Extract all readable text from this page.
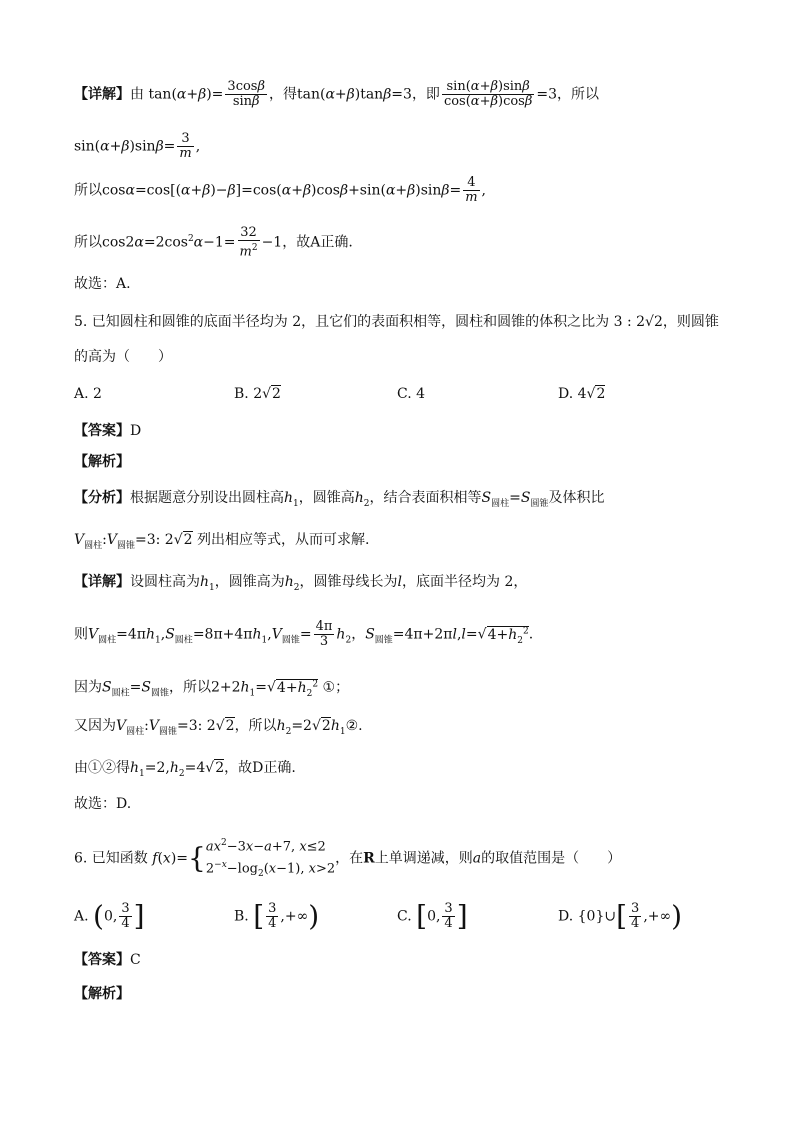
【详解】由 $\tan(\alpha+\beta)= \frac{3\cos\beta}{\sin\beta}$ ，得tan(α+β)tanβ=3，即 $\frac{\sin(\alpha+\beta)\sin\beta}{\cos(\alpha+\beta)\cos\beta} =3$，所以
$\sin(\alpha+\beta)\sin\beta= \frac{3}{m}$ ,
所以$\cos\alpha=\cos[(\alpha+\beta)-\beta]=\cos(\alpha+\beta)\cos\beta+\sin(\alpha+\beta)\sin\beta= \frac{4}{m}$ ,
所以$\cos 2\alpha=2\cos^2\alpha-1= \frac{32}{m^2} -1$，故A正确.
故选：A.
5. 已知圆柱和圆锥的底面半径均为 2，且它们的表面积相等，圆柱和圆锥的体积之比为 3 : 2√2，则圆锥
的高为（　　）
A. 2	B. 2√2	C. 4	D. 4√2
【答案】D
【解析】
【分析】根据题意分别设出圆柱高$h_1$，圆锥高$h_2$，结合表面积相等$S_{圆柱}=S_{圆锥}$及体积比
$V_{圆柱}:V_{圆锥}=3$: 2√2 列出相应等式，从而可求解.
【详解】设圆柱高为$h_1$，圆锥高为$h_2$，圆锥母线长为l，底面半径均为 2，
则$V_{圆柱}=4\pi h_1,S_{圆柱}=8\pi+4\pi h_1,V_{圆锥}= \frac{4\pi}{3} h_2$，$S_{圆锥}=4\pi+2\pi l,l=√4+h_2^2$.
因为$S_{圆柱}=S_{圆锥}$，所以$2+2h_1=√4+h_2^2$ ①；
又因为$V_{圆柱}:V_{圆锥}=3$: 2√2，所以$h_2=2√2h_1②$.
由①②得$h_1=2,h_2=4√2$，故D正确.
故选：D.
6. 已知函数 $f(x)=\{ax^2-3x-a+7$, x≤2
$2^{-x}-\log_2(x-1)$, x>2，在R上单调递减，则a的取值范围是（　　）
A. (0, $\frac{3}{4}$ ]	B. [ $\frac{3}{4}$ ,+∞)	C. [0, $\frac{3}{4}$ ]	D. {0}∪[ $\frac{3}{4}$ ,+∞)
【答案】C
【解析】
